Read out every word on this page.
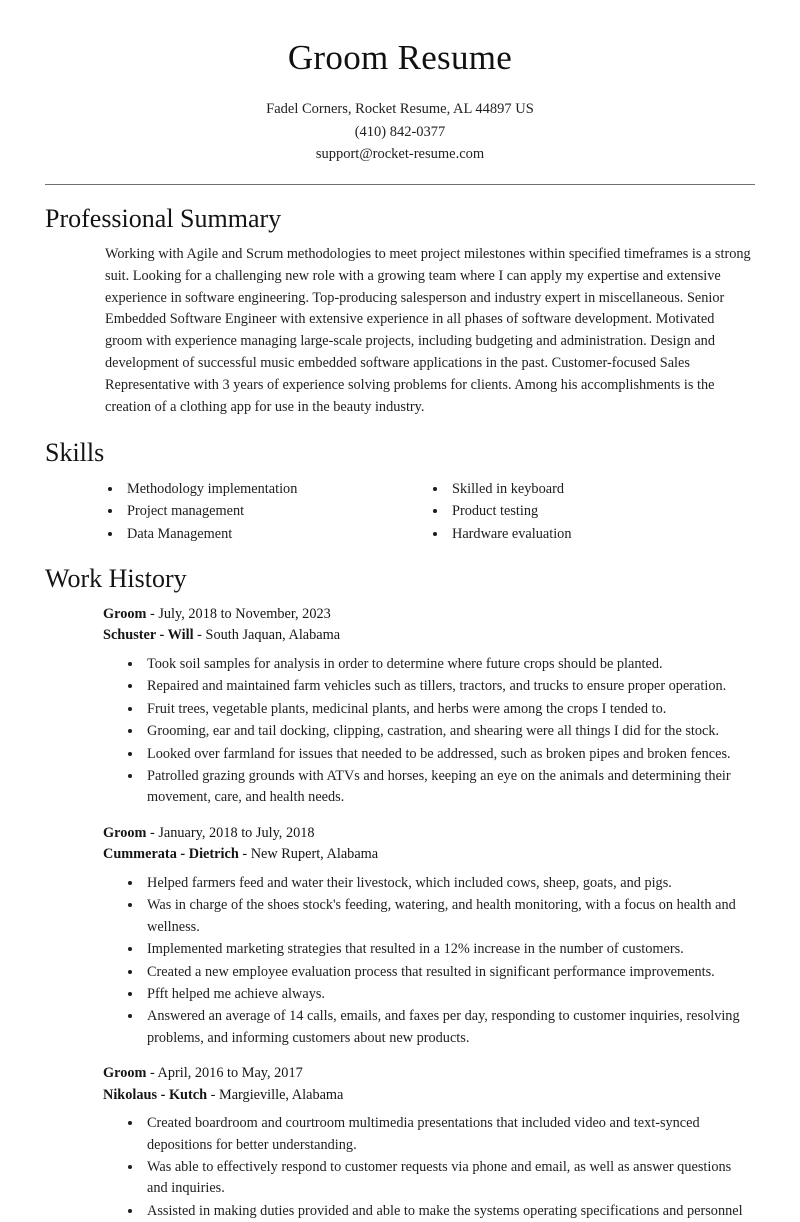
Groom Resume
Fadel Corners, Rocket Resume, AL 44897 US
(410) 842-0377
support@rocket-resume.com
Professional Summary

Working with Agile and Scrum methodologies to meet project milestones within specified timeframes is a strong suit. Looking for a challenging new role with a growing team where I can apply my expertise and extensive experience in software engineering. Top-producing salesperson and industry expert in miscellaneous. Senior Embedded Software Engineer with extensive experience in all phases of software development. Motivated groom with experience managing large-scale projects, including budgeting and administration. Design and development of successful music embedded software applications in the past. Customer-focused Sales Representative with 3 years of experience solving problems for clients. Among his accomplishments is the creation of a clothing app for use in the beauty industry.

Skills
• Methodology implementation
• Project management
• Data Management
• Skilled in keyboard
• Product testing
• Hardware evaluation
Work History
Groom - July, 2018 to November, 2023
Schuster - Will - South Jaquan, Alabama
• Took soil samples for analysis in order to determine where future crops should be planted.
• Repaired and maintained farm vehicles such as tillers, tractors, and trucks to ensure proper operation.
• Fruit trees, vegetable plants, medicinal plants, and herbs were among the crops I tended to.
• Grooming, ear and tail docking, clipping, castration, and shearing were all things I did for the stock.
• Looked over farmland for issues that needed to be addressed, such as broken pipes and broken fences.
• Patrolled grazing grounds with ATVs and horses, keeping an eye on the animals and determining their movement, care, and health needs.
Groom - January, 2018 to July, 2018
Cummerata - Dietrich - New Rupert, Alabama
• Helped farmers feed and water their livestock, which included cows, sheep, goats, and pigs.
• Was in charge of the shoes stock's feeding, watering, and health monitoring, with a focus on health and wellness.
• Implemented marketing strategies that resulted in a 12% increase in the number of customers.
• Created a new employee evaluation process that resulted in significant performance improvements.
• Pfft helped me achieve always.
• Answered an average of 14 calls, emails, and faxes per day, responding to customer inquiries, resolving problems, and informing customers about new products.
Groom - April, 2016 to May, 2017
Nikolaus - Kutch - Margieville, Alabama
• Created boardroom and courtroom multimedia presentations that included video and text-synced depositions for better understanding.
• Was able to effectively respond to customer requests via phone and email, as well as answer questions and inquiries.
• Assisted in making duties provided and able to make the systems operating specifications and personnel
